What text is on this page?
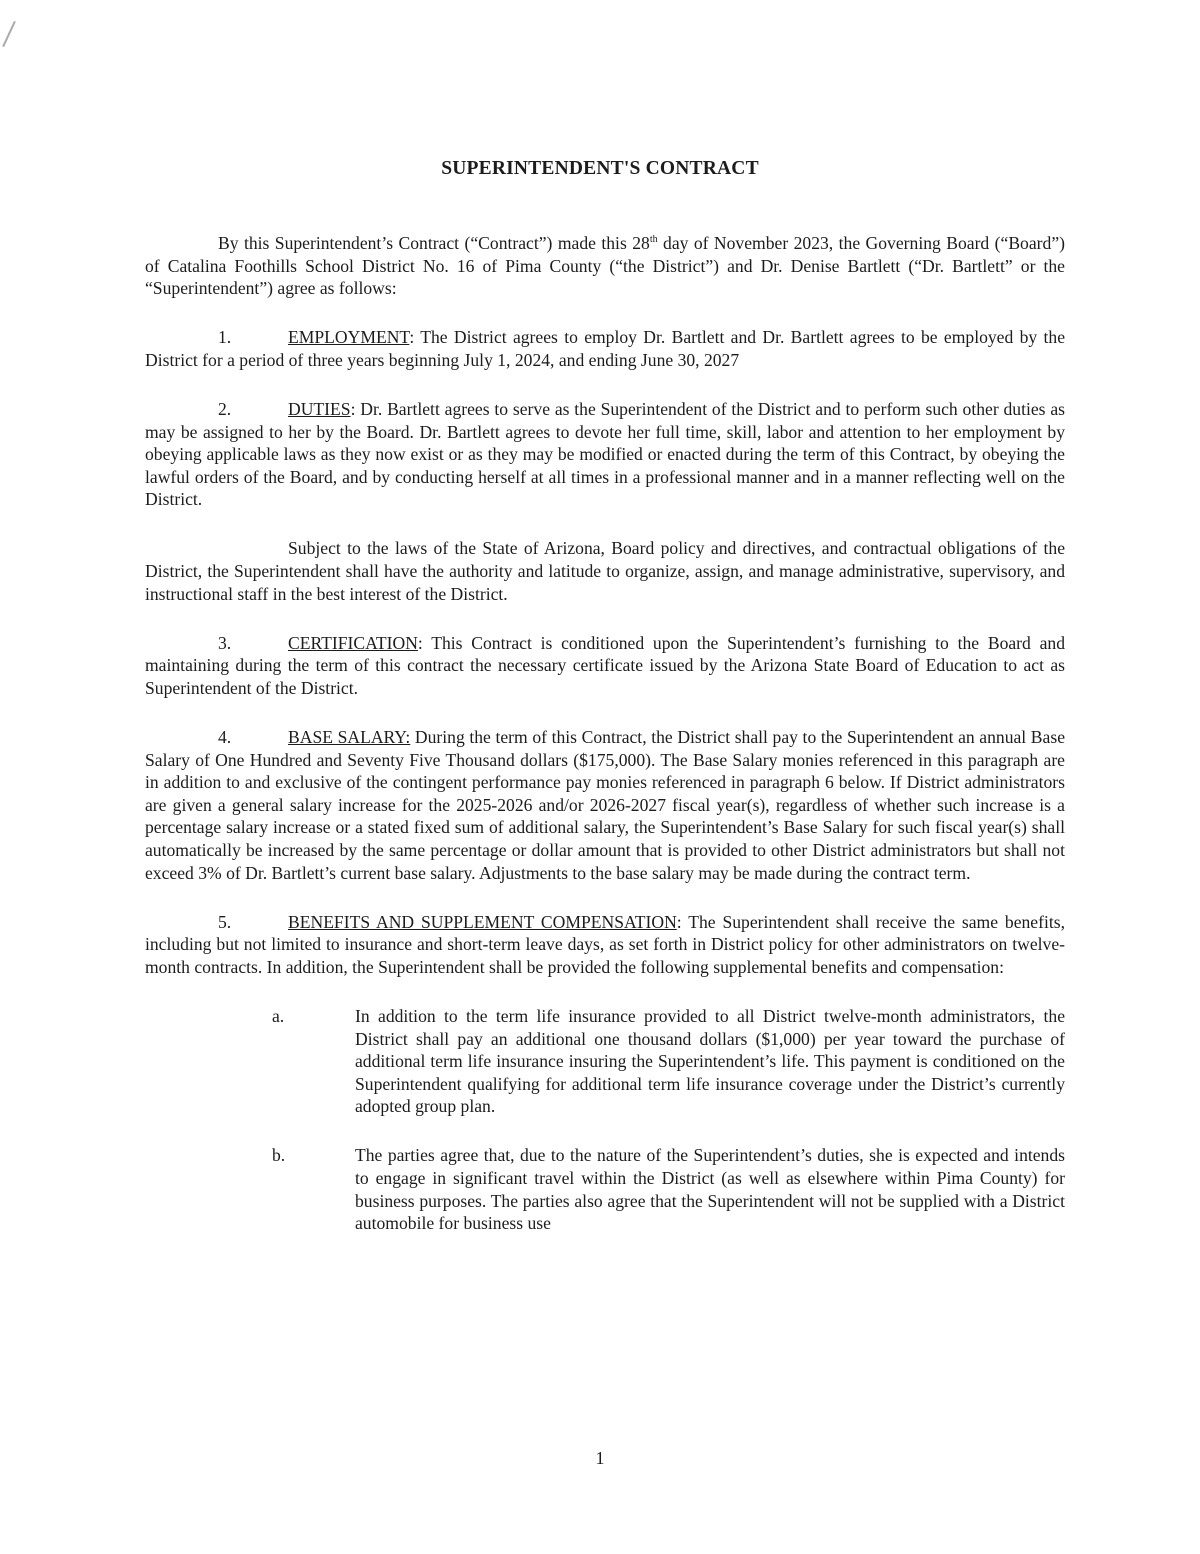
SUPERINTENDENT'S CONTRACT

By this Superintendent’s Contract (“Contract”) made this 28th day of November 2023, the Governing Board (“Board”) of Catalina Foothills School District No. 16 of Pima County (“the District”) and Dr. Denise Bartlett (“Dr. Bartlett” or the “Superintendent”) agree as follows:

1.	EMPLOYMENT: The District agrees to employ Dr. Bartlett and Dr. Bartlett agrees to be employed by the District for a period of three years beginning July 1, 2024, and ending June 30, 2027

2.	DUTIES: Dr. Bartlett agrees to serve as the Superintendent of the District and to perform such other duties as may be assigned to her by the Board. Dr. Bartlett agrees to devote her full time, skill, labor and attention to her employment by obeying applicable laws as they now exist or as they may be modified or enacted during the term of this Contract, by obeying the lawful orders of the Board, and by conducting herself at all times in a professional manner and in a manner reflecting well on the District.

Subject to the laws of the State of Arizona, Board policy and directives, and contractual obligations of the District, the Superintendent shall have the authority and latitude to organize, assign, and manage administrative, supervisory, and instructional staff in the best interest of the District.

3.	CERTIFICATION: This Contract is conditioned upon the Superintendent’s furnishing to the Board and maintaining during the term of this contract the necessary certificate issued by the Arizona State Board of Education to act as Superintendent of the District.

4.	BASE SALARY: During the term of this Contract, the District shall pay to the Superintendent an annual Base Salary of One Hundred and Seventy Five Thousand dollars ($175,000). The Base Salary monies referenced in this paragraph are in addition to and exclusive of the contingent performance pay monies referenced in paragraph 6 below. If District administrators are given a general salary increase for the 2025-2026 and/or 2026-2027 fiscal year(s), regardless of whether such increase is a percentage salary increase or a stated fixed sum of additional salary, the Superintendent’s Base Salary for such fiscal year(s) shall automatically be increased by the same percentage or dollar amount that is provided to other District administrators but shall not exceed 3% of Dr. Bartlett’s current base salary. Adjustments to the base salary may be made during the contract term.

5.	BENEFITS AND SUPPLEMENT COMPENSATION: The Superintendent shall receive the same benefits, including but not limited to insurance and short-term leave days, as set forth in District policy for other administrators on twelve-month contracts. In addition, the Superintendent shall be provided the following supplemental benefits and compensation:

a.	In addition to the term life insurance provided to all District twelve-month administrators, the District shall pay an additional one thousand dollars ($1,000) per year toward the purchase of additional term life insurance insuring the Superintendent’s life. This payment is conditioned on the Superintendent qualifying for additional term life insurance coverage under the District’s currently adopted group plan.

b.	The parties agree that, due to the nature of the Superintendent’s duties, she is expected and intends to engage in significant travel within the District (as well as elsewhere within Pima County) for business purposes. The parties also agree that the Superintendent will not be supplied with a District automobile for business use

1
